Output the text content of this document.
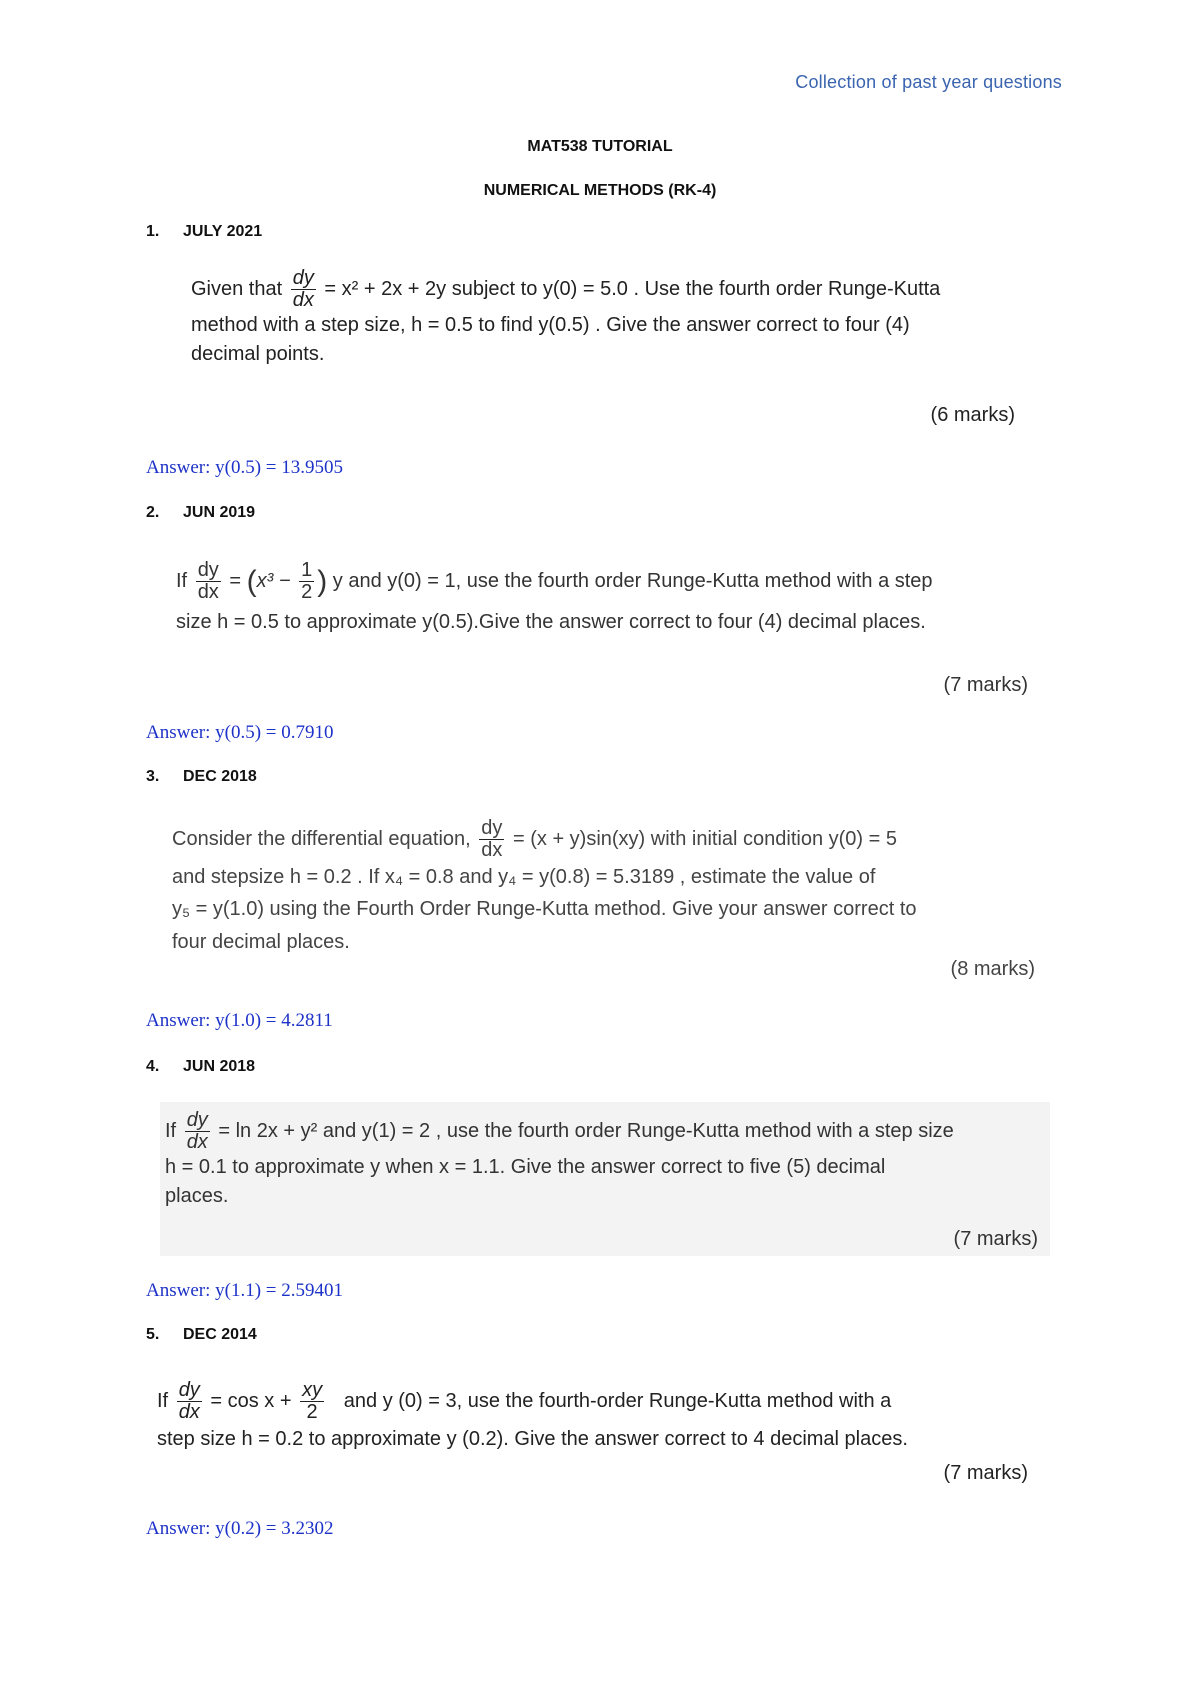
Collection of past year questions
MAT538 TUTORIAL
NUMERICAL METHODS (RK-4)
1. JULY 2021
Given that $\frac{dy}{dx} = x^2 + 2x + 2y$ subject to y(0) = 5.0 . Use the fourth order Runge-Kutta
method with a step size, h = 0.5 to find y(0.5) . Give the answer correct to four (4)
decimal points.
(6 marks)
Answer: y(0.5) = 13.9505
2. JUN 2019
If $\frac{dy}{dx} = (x^3 - \frac{1}{2}$ ) y and y(0) = 1, use the fourth order Runge-Kutta method with a step
size h = 0.5 to approximate y(0.5).Give the answer correct to four (4) decimal places.
(7 marks)
Answer: y(0.5) = 0.7910
3. DEC 2018
Consider the differential equation, $\frac{dy}{dx} = (x + y)\sin(xy)$ with initial condition y(0) = 5
and stepsize h = 0.2 . If x₄ = 0.8 and y₄ = y(0.8) = 5.3189 , estimate the value of
y₅ = y(1.0) using the Fourth Order Runge-Kutta method. Give your answer correct to
four decimal places.
(8 marks)
Answer: y(1.0) = 4.2811
4. JUN 2018
If $\frac{dy}{dx} = \ln 2x + y^2$ and y(1) = 2 , use the fourth order Runge-Kutta method with a step size
h = 0.1 to approximate y when x = 1.1. Give the answer correct to five (5) decimal
places.
(7 marks)
Answer: y(1.1) = 2.59401
5. DEC 2014
If $\frac{dy}{dx} = \cos x + \frac{xy}{2}$ and y (0) = 3, use the fourth-order Runge-Kutta method with a
step size h = 0.2 to approximate y (0.2). Give the answer correct to 4 decimal places.
(7 marks)
Answer: y(0.2) = 3.2302
